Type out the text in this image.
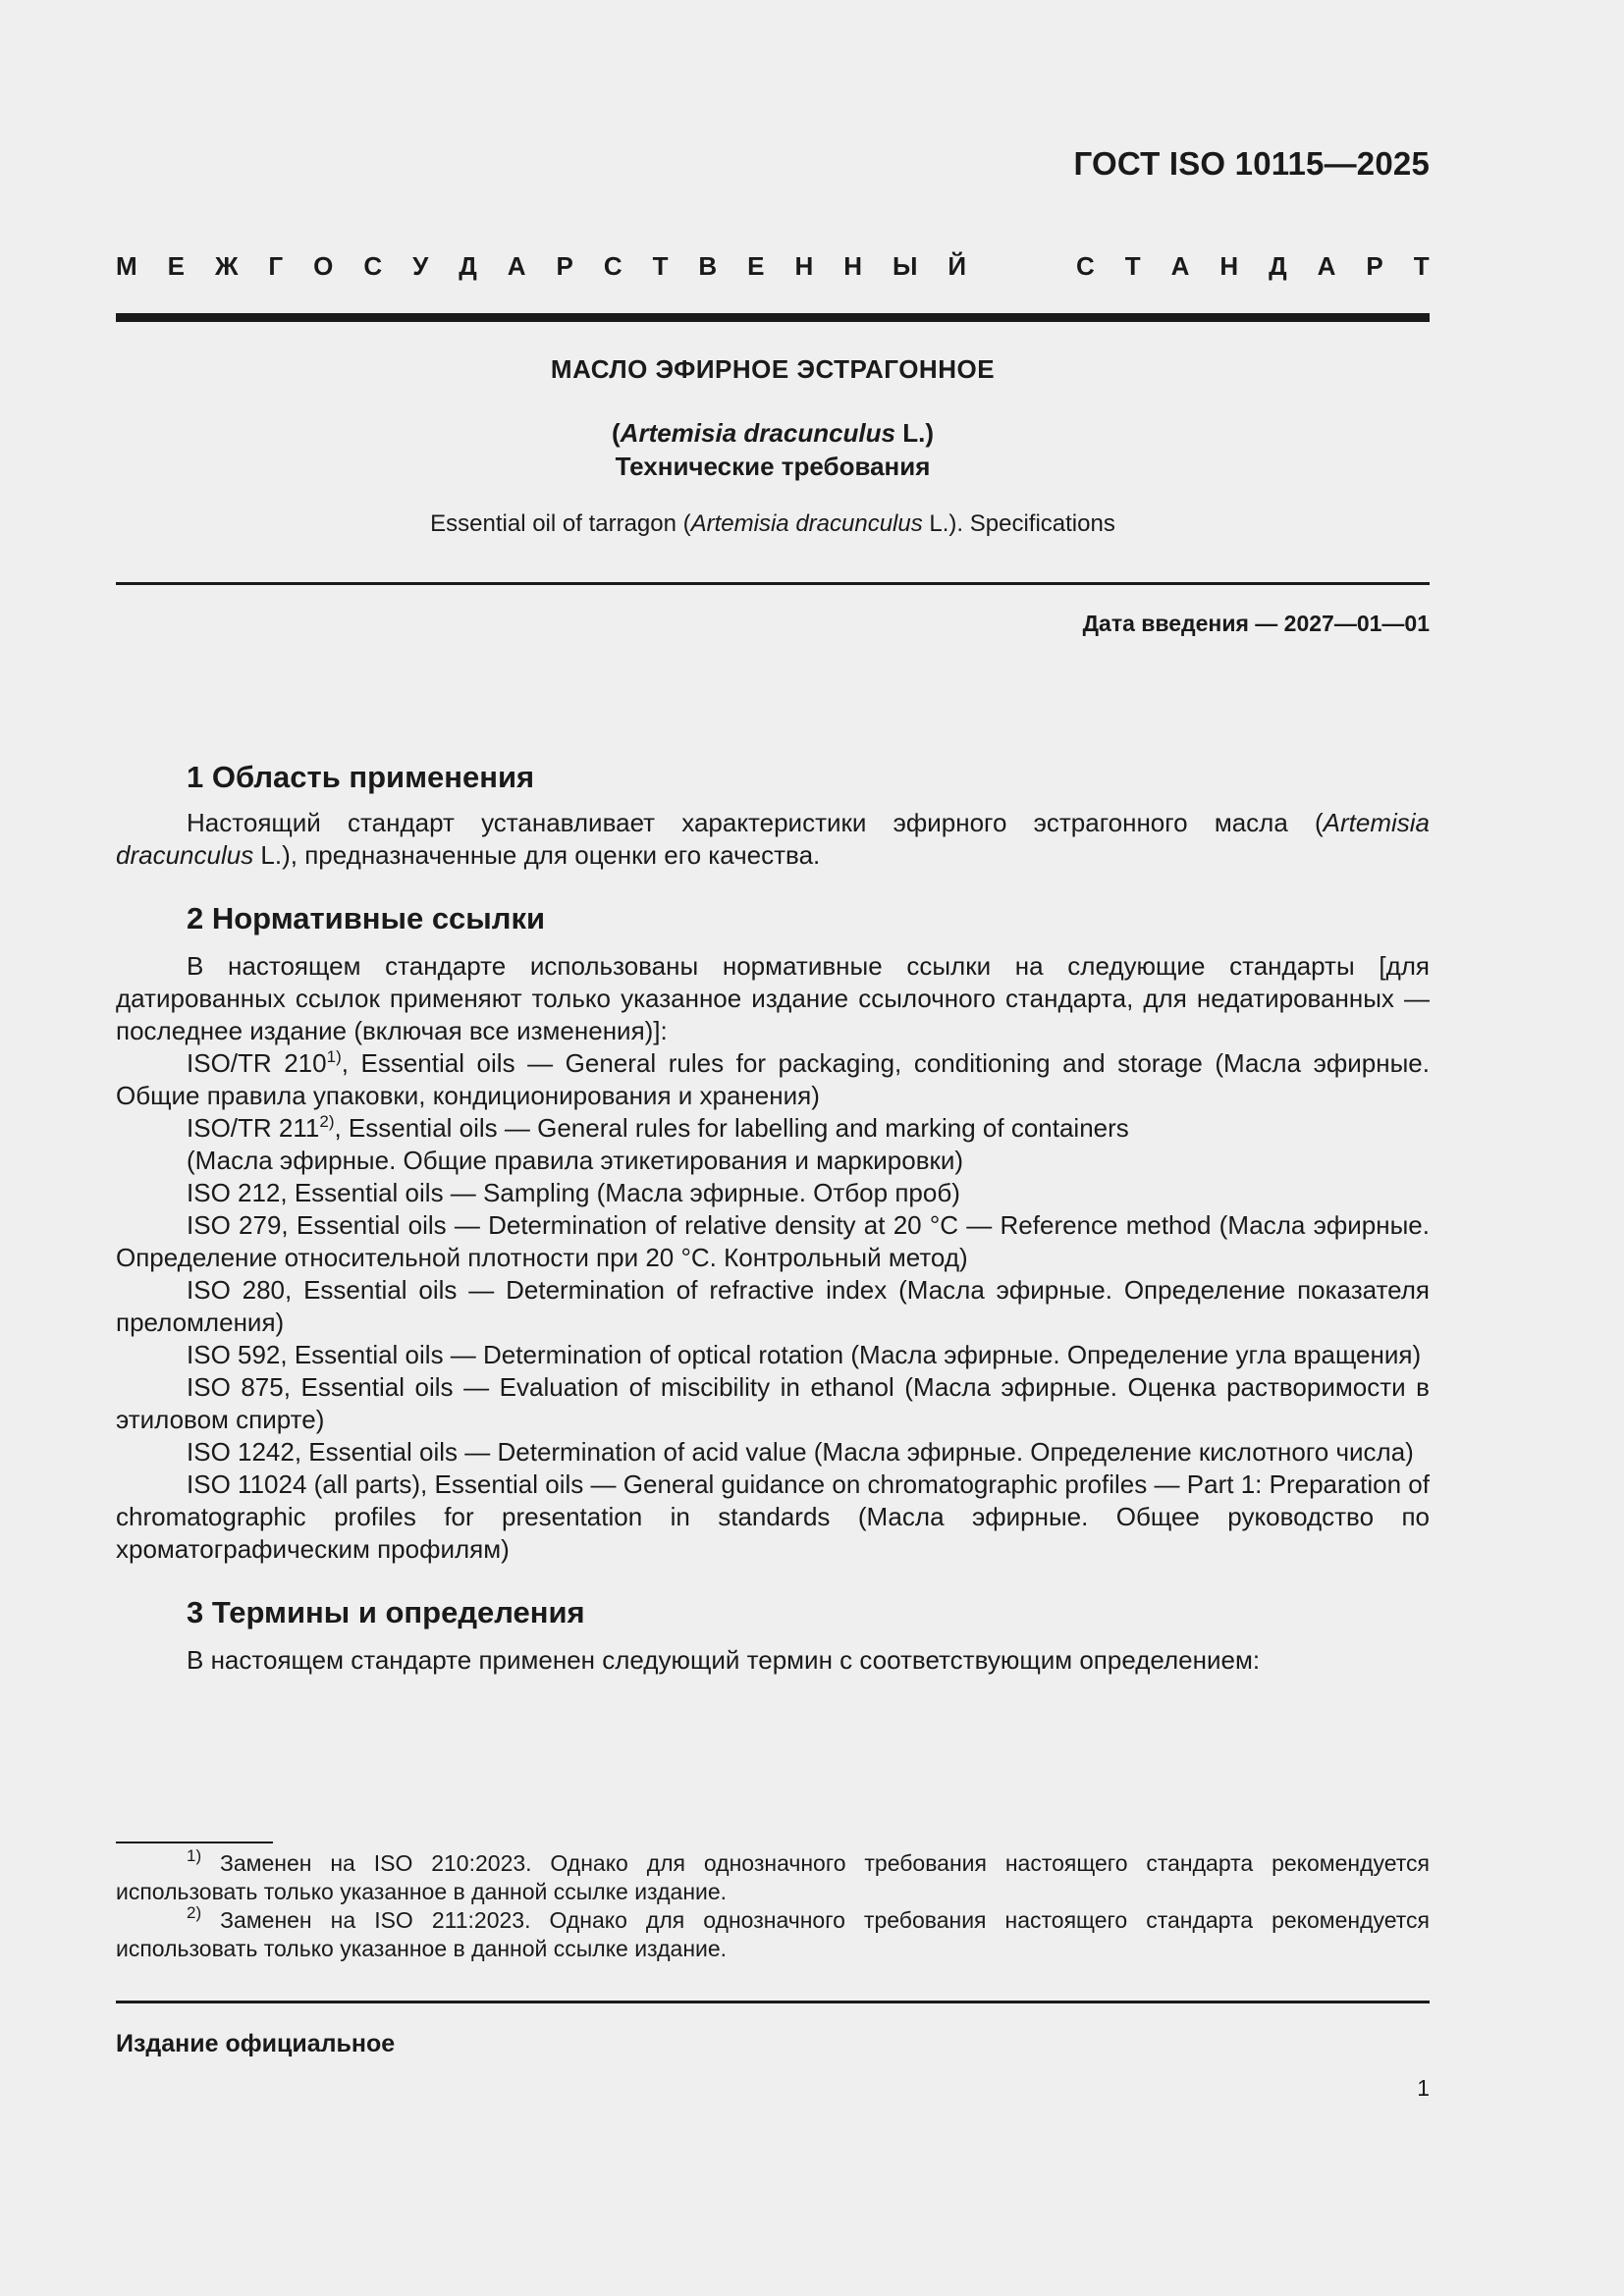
ГОСТ ISO 10115—2025
М Е Ж Г О С У Д А Р С Т В Е Н Н Ы Й	С Т А Н Д А Р Т
МАСЛО ЭФИРНОЕ ЭСТРАГОННОЕ
(Artemisia dracunculus L.)
Технические требования
Essential oil of tarragon (Artemisia dracunculus L.). Specifications
Дата введения — 2027—01—01
1 Область применения

Настоящий стандарт устанавливает характеристики эфирного эстрагонного масла (Artemisia dracunculus L.), предназначенные для оценки его качества.

2 Нормативные ссылки

В настоящем стандарте использованы нормативные ссылки на следующие стандарты [для датированных ссылок применяют только указанное издание ссылочного стандарта, для недатированных — последнее издание (включая все изменения)]:

ISO/TR 210$^{1)}$, Essential oils — General rules for packaging, conditioning and storage (Масла эфирные. Общие правила упаковки, кондиционирования и хранения)

ISO/TR 211$^{2)}$, Essential oils — General rules for labelling and marking of containers

(Масла эфирные. Общие правила этикетирования и маркировки)

ISO 212, Essential oils — Sampling (Масла эфирные. Отбор проб)

ISO 279, Essential oils — Determination of relative density at 20 °C — Reference method (Масла эфирные. Определение относительной плотности при 20 °C. Контрольный метод)

ISO 280, Essential oils — Determination of refractive index (Масла эфирные. Определение показателя преломления)

ISO 592, Essential oils — Determination of optical rotation (Масла эфирные. Определение угла вращения)

ISO 875, Essential oils — Evaluation of miscibility in ethanol (Масла эфирные. Оценка растворимости в этиловом спирте)

ISO 1242, Essential oils — Determination of acid value (Масла эфирные. Определение кислотного числа)

ISO 11024 (all parts), Essential oils — General guidance on chromatographic profiles — Part 1: Preparation of chromatographic profiles for presentation in standards (Масла эфирные. Общее руководство по хроматографическим профилям)

3 Термины и определения

В настоящем стандарте применен следующий термин с соответствующим определением:

$^{1)}$ Заменен на ISO 210:2023. Однако для однозначного требования настоящего стандарта рекомендуется использовать только указанное в данной ссылке издание.

$^{2)}$ Заменен на ISO 211:2023. Однако для однозначного требования настоящего стандарта рекомендуется использовать только указанное в данной ссылке издание.

Издание официальное
1
